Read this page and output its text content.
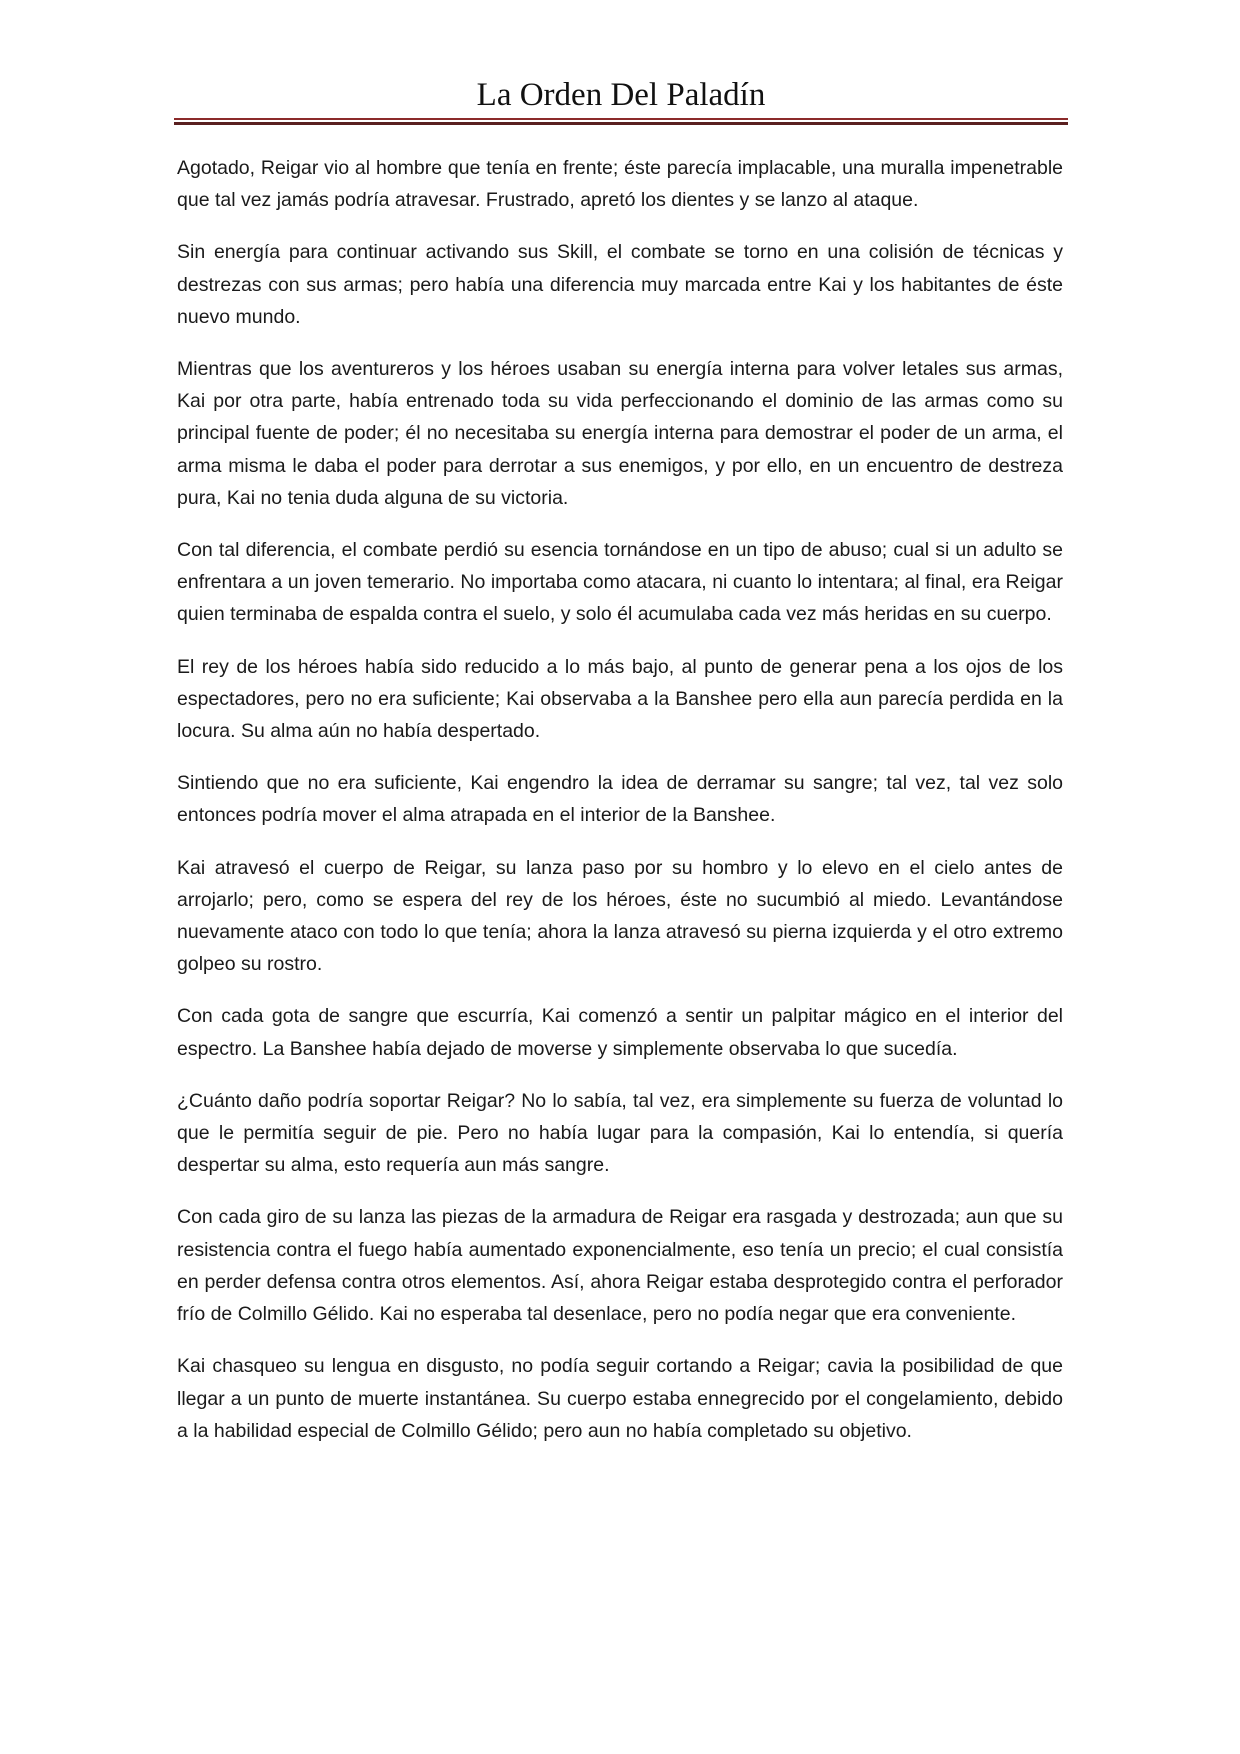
La Orden Del Paladín

Agotado, Reigar vio al hombre que tenía en frente; éste parecía implacable, una muralla impenetrable que tal vez jamás podría atravesar. Frustrado, apretó los dientes y se lanzo al ataque.

Sin energía para continuar activando sus Skill, el combate se torno en una colisión de técnicas y destrezas con sus armas; pero había una diferencia muy marcada entre Kai y los habitantes de éste nuevo mundo.

Mientras que los aventureros y los héroes usaban su energía interna para volver letales sus armas, Kai por otra parte, había entrenado toda su vida perfeccionando el dominio de las armas como su principal fuente de poder; él no necesitaba su energía interna para demostrar el poder de un arma, el arma misma le daba el poder para derrotar a sus enemigos, y por ello, en un encuentro de destreza pura, Kai no tenia duda alguna de su victoria.

Con tal diferencia, el combate perdió su esencia tornándose en un tipo de abuso; cual si un adulto se enfrentara a un joven temerario. No importaba como atacara, ni cuanto lo intentara; al final, era Reigar quien terminaba de espalda contra el suelo, y solo él acumulaba cada vez más heridas en su cuerpo.

El rey de los héroes había sido reducido a lo más bajo, al punto de generar pena a los ojos de los espectadores, pero no era suficiente; Kai observaba a la Banshee pero ella aun parecía perdida en la locura. Su alma aún no había despertado.

Sintiendo que no era suficiente, Kai engendro la idea de derramar su sangre; tal vez, tal vez solo entonces podría mover el alma atrapada en el interior de la Banshee.

Kai atravesó el cuerpo de Reigar, su lanza paso por su hombro y lo elevo en el cielo antes de arrojarlo; pero, como se espera del rey de los héroes, éste no sucumbió al miedo. Levantándose nuevamente ataco con todo lo que tenía; ahora la lanza atravesó su pierna izquierda y el otro extremo golpeo su rostro.

Con cada gota de sangre que escurría, Kai comenzó a sentir un palpitar mágico en el interior del espectro. La Banshee había dejado de moverse y simplemente observaba lo que sucedía.

¿Cuánto daño podría soportar Reigar? No lo sabía, tal vez, era simplemente su fuerza de voluntad lo que le permitía seguir de pie. Pero no había lugar para la compasión, Kai lo entendía, si quería despertar su alma, esto requería aun más sangre.

Con cada giro de su lanza las piezas de la armadura de Reigar era rasgada y destrozada; aun que su resistencia contra el fuego había aumentado exponencialmente, eso tenía un precio; el cual consistía en perder defensa contra otros elementos. Así, ahora Reigar estaba desprotegido contra el perforador frío de Colmillo Gélido. Kai no esperaba tal desenlace, pero no podía negar que era conveniente.

Kai chasqueo su lengua en disgusto, no podía seguir cortando a Reigar; cavia la posibilidad de que llegar a un punto de muerte instantánea. Su cuerpo estaba ennegrecido por el congelamiento, debido a la habilidad especial de Colmillo Gélido; pero aun no había completado su objetivo.
